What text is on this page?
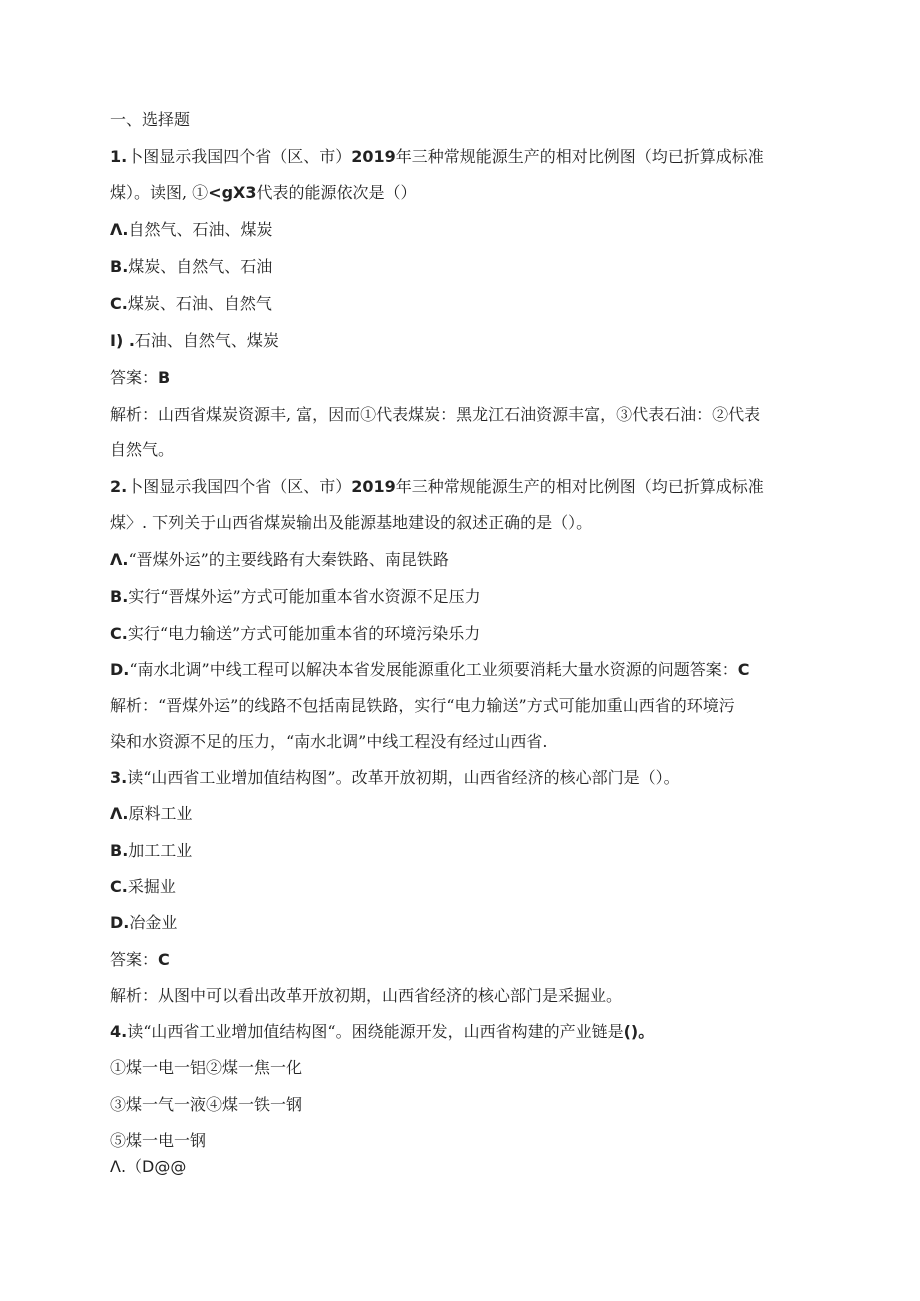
一、选择题
1.卜图显示我国四个省（区、市）2019年三种常规能源生产的相对比例图（均已折算成标准
煤）。读图, ①<gX3代表的能源依次是（）
Λ.自然气、石油、煤炭
B.煤炭、自然气、石油
C.煤炭、石油、自然气
I) .石油、自然气、煤炭
答案：B
解析：山西省煤炭资源丰, 富，因而①代表煤炭：黑龙江石油资源丰富，③代表石油：②代表
自然气。
2.卜图显示我国四个省（区、市）2019年三种常规能源生产的相对比例图（均已折算成标准
煤〉. 下列关于山西省煤炭输出及能源基地建设的叙述正确的是（）。
Λ.“晋煤外运”的主要线路有大秦铁路、南昆铁路
B.实行“晋煤外运”方式可能加重本省水资源不足压力
C.实行“电力输送”方式可能加重本省的环境污染乐力
D.“南水北调”中线工程可以解决本省发展能源重化工业须要消耗大量水资源的问题答案：C
解析：“晋煤外运”的线路不包括南昆铁路，实行“电力输送”方式可能加重山西省的环境污
染和水资源不足的压力，“南水北调”中线工程没有经过山西省.
3.读“山西省工业增加值结构图”。改革开放初期，山西省经济的核心部门是（）。
Λ.原料工业
B.加工工业
C.采掘业
D.冶金业
答案：C
解析：从图中可以看出改革开放初期，山西省经济的核心部门是采掘业。
4.读“山西省工业增加值结构图“。困绕能源开发，山西省构建的产业链是()。
①煤一电一铝②煤一焦一化
③煤一气一液④煤一铁一钢
⑤煤一电一钢
Λ.（D@@
